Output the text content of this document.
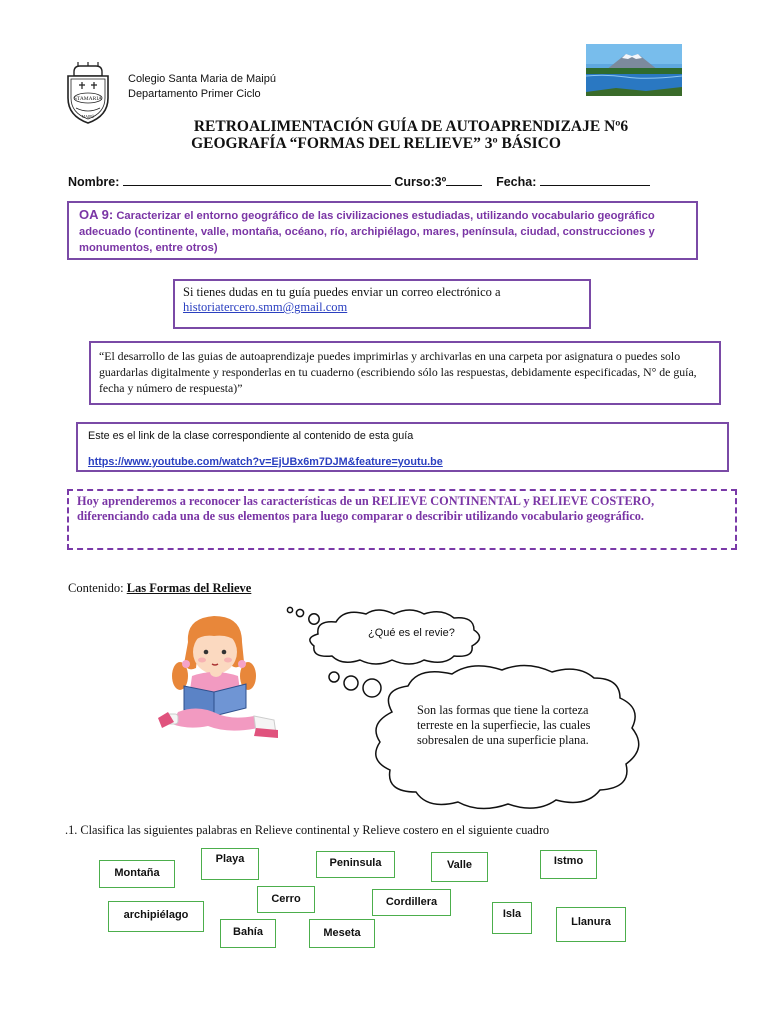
STAMARIA
MAIPÚ
Colegio Santa Maria de Maipú
Departamento Primer Ciclo
RETROALIMENTACIÓN GUÍA DE AUTOAPRENDIZAJE Nº6
GEOGRAFÍA “FORMAS DEL RELIEVE” 3º BÁSICO
Nombre:	Curso:3º	Fecha:
OA 9: Caracterizar el entorno geográfico de las civilizaciones estudiadas, utilizando vocabulario geográfico adecuado (continente, valle, montaña, océano, río, archipiélago, mares, península, ciudad, construcciones y monumentos, entre otros)
Si tienes dudas en tu guía puedes enviar un correo electrónico a
historiatercero.smm@gmail.com
“El desarrollo de las guias de autoaprendizaje puedes imprimirlas y archivarlas en una carpeta por asignatura o puedes solo guardarlas digitalmente y responderlas en tu cuaderno (escribiendo sólo las respuestas, debidamente especificadas, N° de guía, fecha y número de respuesta)”
Este es el link de la clase correspondiente al contenido de esta guía
https://www.youtube.com/watch?v=EjUBx6m7DJM&feature=youtu.be
Hoy aprenderemos a reconocer las características de un RELIEVE CONTINENTAL y RELIEVE COSTERO, diferenciando cada una de sus elementos para luego comparar o describir utilizando vocabulario geográfico.
Contenido: Las Formas del Relieve
¿Qué es el revie?
Son las formas que tiene la corteza terreste en la superfiecie, las cuales sobresalen de una superficie plana.
.1. Clasifica las siguientes palabras en Relieve continental y Relieve costero en el siguiente cuadro
Montaña
Playa	Peninsula	Valle	Istmo
Cerro	Cordillera
archipiélago	Isla
Llanura
Bahía	Meseta
